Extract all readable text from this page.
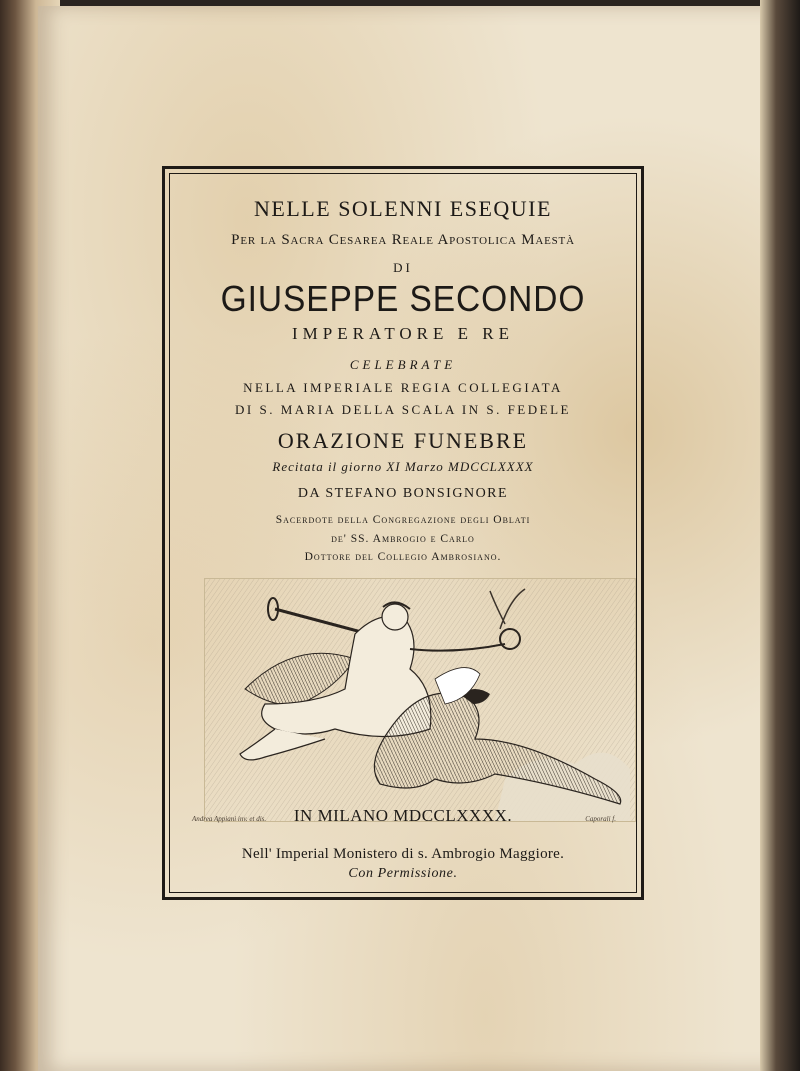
NELLE SOLENNI ESEQUIE
Per la Sacra Cesarea Reale Apostolica Maestà
DI
GIUSEPPE SECONDO
IMPERATORE E RE
CELEBRATE
NELLA IMPERIALE REGIA COLLEGIATA
DI S. MARIA DELLA SCALA IN S. FEDELE
ORAZIONE FUNEBRE
Recitata il giorno XI Marzo MDCCLXXXX
DA STEFANO BONSIGNORE
Sacerdote della Congregazione degli Oblati
de' SS. Ambrogio e Carlo
Dottore del Collegio Ambrosiano.
Andrea Appiani inv. et dis.	Caporali f.
IN MILANO MDCCLXXXX.
Nell' Imperial Monistero di s. Ambrogio Maggiore.
Con Permissione.
